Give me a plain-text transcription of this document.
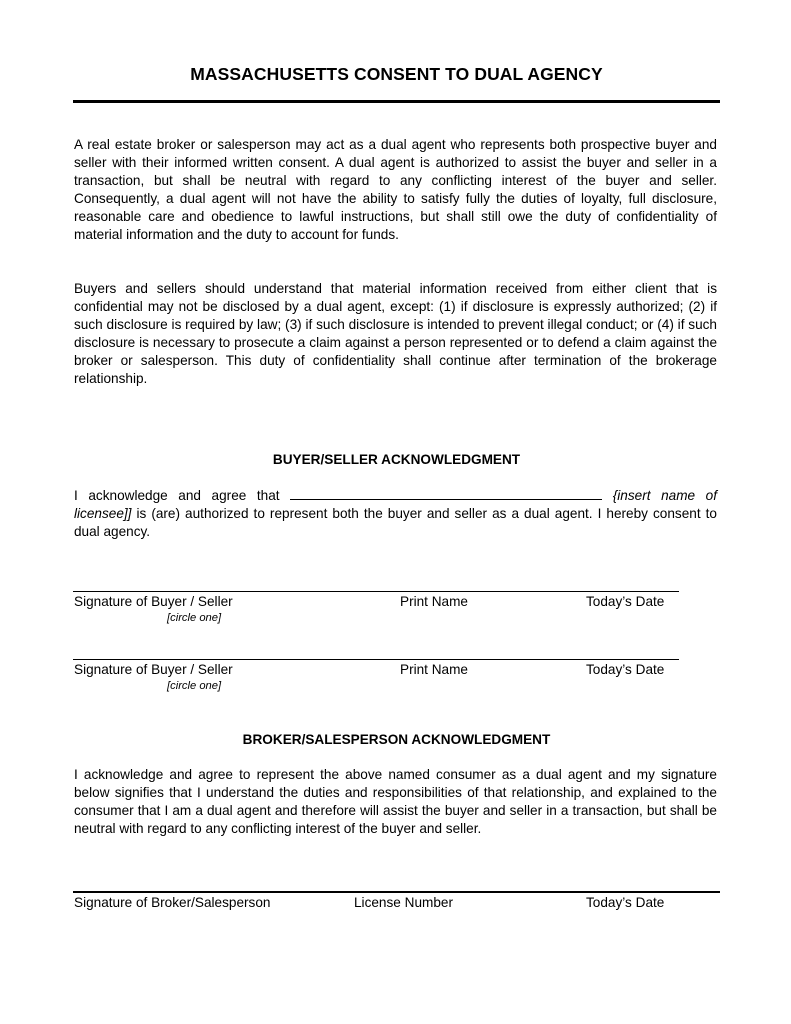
MASSACHUSETTS CONSENT TO DUAL AGENCY

A real estate broker or salesperson may act as a dual agent who represents both prospective buyer and seller with their informed written consent. A dual agent is authorized to assist the buyer and seller in a transaction, but shall be neutral with regard to any conflicting interest of the buyer and seller. Consequently, a dual agent will not have the ability to satisfy fully the duties of loyalty, full disclosure, reasonable care and obedience to lawful instructions, but shall still owe the duty of confidentiality of material information and the duty to account for funds.

Buyers and sellers should understand that material information received from either client that is confidential may not be disclosed by a dual agent, except: (1) if disclosure is expressly authorized; (2) if such disclosure is required by law; (3) if such disclosure is intended to prevent illegal conduct; or (4) if such disclosure is necessary to prosecute a claim against a person represented or to defend a claim against the broker or salesperson. This duty of confidentiality shall continue after termination of the brokerage relationship.

BUYER/SELLER ACKNOWLEDGMENT

I acknowledge and agree that	{insert name of licensee]] is (are) authorized to represent both the buyer and seller as a dual agent. I hereby consent to dual agency.

Signature of Buyer / Seller	Print Name	Today’s Date
[circle one]
Signature of Buyer / Seller	Print Name	Today’s Date
[circle one]
BROKER/SALESPERSON ACKNOWLEDGMENT

I acknowledge and agree to represent the above named consumer as a dual agent and my signature below signifies that I understand the duties and responsibilities of that relationship, and explained to the consumer that I am a dual agent and therefore will assist the buyer and seller in a transaction, but shall be neutral with regard to any conflicting interest of the buyer and seller.

Signature of Broker/Salesperson	License Number	Today’s Date
